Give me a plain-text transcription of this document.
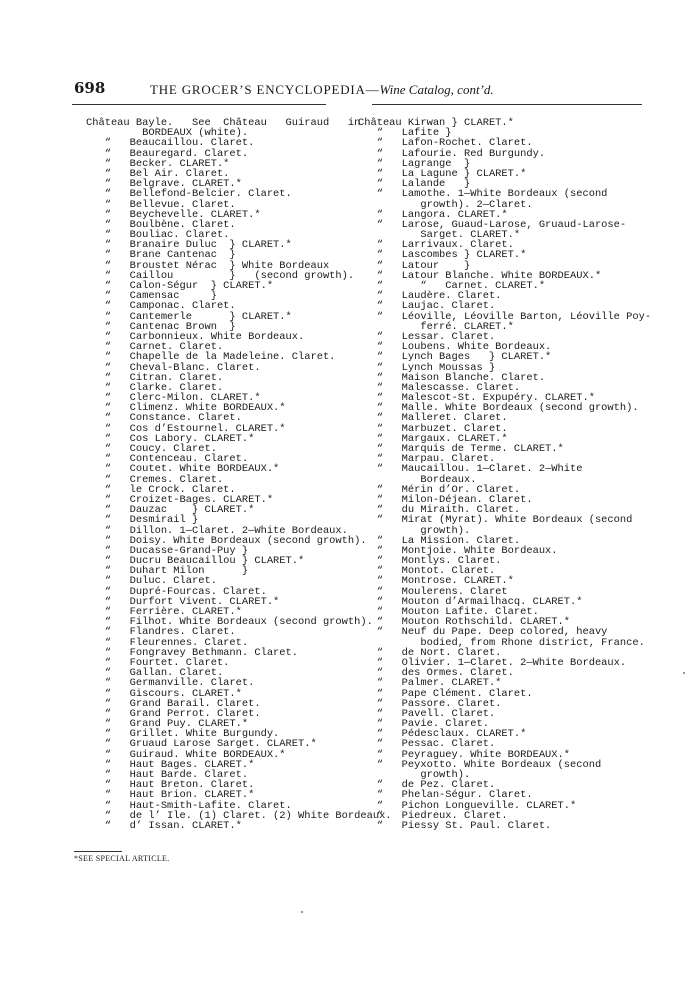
698	THE GROCER’S ENCYCLOPEDIA—Wine Catalog, cont’d.
Château Bayle.   See  Château   Guiraud   in
BORDEAUX (white).
“   Beaucaillou. Claret.
“   Beauregard. Claret.
“   Becker. CLARET.*
“   Bel Air. Claret.
“   Belgrave. CLARET.*
“   Bellefond-Belcier. Claret.
“   Bellevue. Claret.
“   Beychevelle. CLARET.*
“   Boulbène. Claret.
“   Bouliac. Claret.
“   Branaire Duluc  } CLARET.*
“   Brane Cantenac  }
“   Broustet Nérac  } White Bordeaux
“   Caillou         }   (second growth).
“   Calon-Ségur  } CLARET.*
“   Camensac     }
“   Camponac. Claret.
“   Cantemerle      } CLARET.*
“   Cantenac Brown  }
“   Carbonnieux. White Bordeaux.
“   Carnet. Claret.
“   Chapelle de la Madeleine. Claret.
“   Cheval-Blanc. Claret.
“   Citran. Claret.
“   Clarke. Claret.
“   Clerc-Milon. CLARET.*
“   Climenz. White BORDEAUX.*
“   Constance. Claret.
“   Cos d’Estournel. CLARET.*
“   Cos Labory. CLARET.*
“   Coucy. Claret.
“   Contenceau. Claret.
“   Coutet. White BORDEAUX.*
“   Cremes. Claret.
“   le Crock. Claret.
“   Croizet-Bages. CLARET.*
“   Dauzac    } CLARET.*
“   Desmirail }
“   Dillon. 1—Claret. 2—White Bordeaux.
“   Doisy. White Bordeaux (second growth).
“   Ducasse-Grand-Puy }
“   Ducru Beaucaillou } CLARET.*
“   Duhart Milon      }
“   Duluc. Claret.
“   Dupré-Fourcas. Claret.
“   Durfort Vivent. CLARET.*
“   Ferrière. CLARET.*
“   Filhot. White Bordeaux (second growth).
“   Flandres. Claret.
“   Fleurennes. Claret.
“   Fongravey Bethmann. Claret.
“   Fourtet. Claret.
“   Gallan. Claret.
“   Germanville. Claret.
“   Giscours. CLARET.*
“   Grand Barail. Claret.
“   Grand Perrot. Claret.
“   Grand Puy. CLARET.*
“   Grillet. White Burgundy.
“   Gruaud Larose Sarget. CLARET.*
“   Guiraud. White BORDEAUX.*
“   Haut Bages. CLARET.*
“   Haut Barde. Claret.
“   Haut Breton. Claret.
“   Haut Brion. CLARET.*
“   Haut-Smith-Lafite. Claret.
“   de l’ Ile. (1) Claret. (2) White Bordeaux.
“   d’ Issan. CLARET.*
Château Kirwan } CLARET.*
“   Lafite }
“   Lafon-Rochet. Claret.
“   Lafourie. Red Burgundy.
“   Lagrange  }
“   La Lagune } CLARET.*
“   Lalande   }
“   Lamothe. 1—White Bordeaux (second
growth). 2—Claret.
“   Langora. CLARET.*
“   Larose, Guaud-Larose, Gruaud-Larose-
Sarget. CLARET.*
“   Larrivaux. Claret.
“   Lascombes } CLARET.*
“   Latour    }
“   Latour Blanche. White BORDEAUX.*
“      “   Carnet. CLARET.*
“   Laudère. Claret.
“   Laujac. Claret.
“   Léoville, Léoville Barton, Léoville Poy-
ferré. CLARET.*
“   Lessar. Claret.
“   Loubens. White Bordeaux.
“   Lynch Bages   } CLARET.*
“   Lynch Moussas }
“   Maison Blanche. Claret.
“   Malescasse. Claret.
“   Malescot-St. Expupéry. CLARET.*
“   Malle. White Bordeaux (second growth).
“   Malleret. Claret.
“   Marbuzet. Claret.
“   Margaux. CLARET.*
“   Marquis de Terme. CLARET.*
“   Marpau. Claret.
“   Maucaillou. 1—Claret. 2—White
Bordeaux.
“   Mérin d’Or. Claret.
“   Milon-Déjean. Claret.
“   du Miraith. Claret.
“   Mirat (Myrat). White Bordeaux (second
growth).
“   La Mission. Claret.
“   Montjoie. White Bordeaux.
“   Montlys. Claret.
“   Montot. Claret.
“   Montrose. CLARET.*
“   Moulerens. Claret
“   Mouton d’Armailhacq. CLARET.*
“   Mouton Lafite. Claret.
“   Mouton Rothschild. CLARET.*
“   Neuf du Pape. Deep colored, heavy
bodied, from Rhone district, France.
“   de Nort. Claret.
“   Olivier. 1—Claret. 2—White Bordeaux.
“   des Ormes. Claret.
“   Palmer. CLARET.*
“   Pape Clément. Claret.
“   Passore. Claret.
“   Pavell. Claret.
“   Pavie. Claret.
“   Pédesclaux. CLARET.*
“   Pessac. Claret.
“   Peyraguey. White BORDEAUX.*
“   Peyxotto. White Bordeaux (second
growth).
“   de Pez. Claret.
“   Phelan-Ségur. Claret.
“   Pichon Longueville. CLARET.*
“   Piedreux. Claret.
“   Piessy St. Paul. Claret.
*SEE SPECIAL ARTICLE.
